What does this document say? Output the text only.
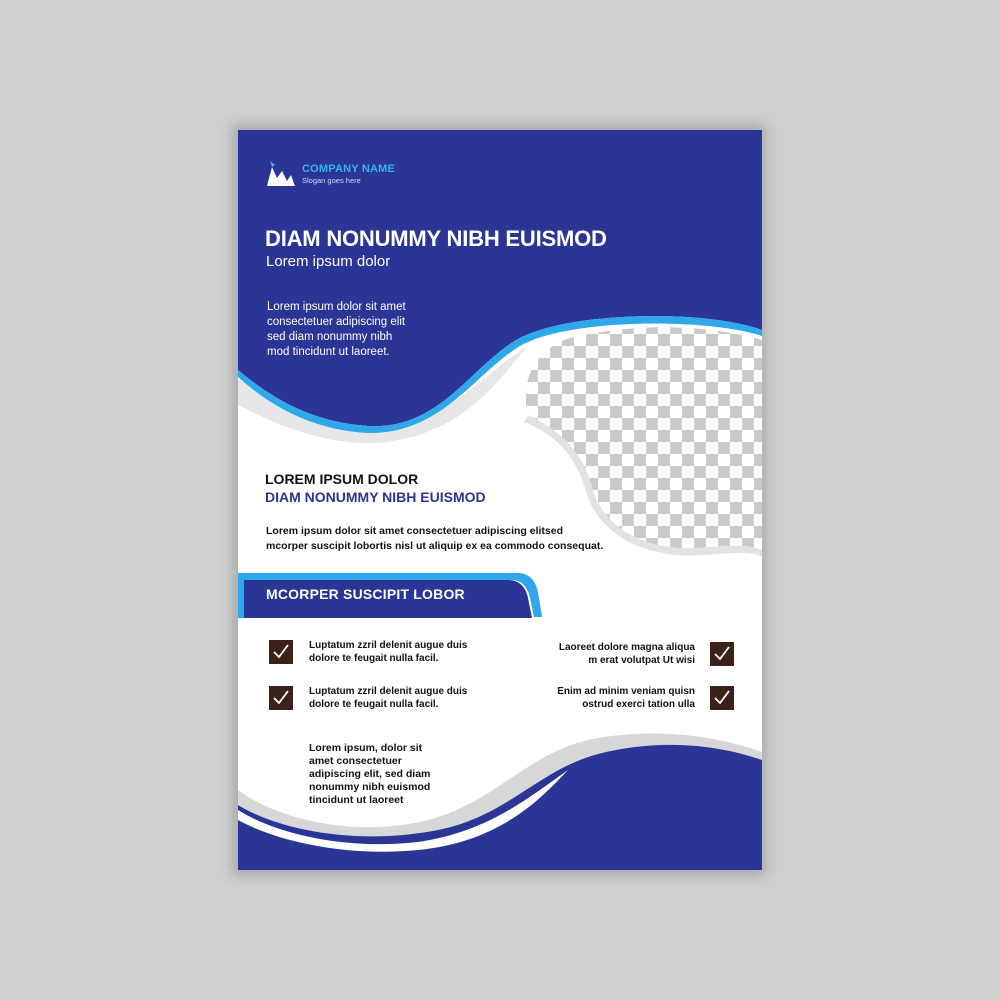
COMPANY NAME

Slogan goes here

DIAM NONUMMY NIBH EUISMOD

Lorem ipsum dolor

Lorem ipsum dolor sit amet
consectetuer adipiscing elit
sed diam nonummy nibh
mod tincidunt ut laoreet.

LOREM IPSUM DOLOR

DIAM NONUMMY NIBH EUISMOD

Lorem ipsum dolor sit amet consectetuer adipiscing elitsed
mcorper suscipit lobortis nisl ut aliquip ex ea commodo consequat.

MCORPER SUSCIPIT LOBOR

Luptatum zzril delenit augue duis
dolore te feugait nulla facil.
Luptatum zzril delenit augue duis
dolore te feugait nulla facil.
Laoreet dolore magna aliqua
m erat volutpat Ut wisi
Enim ad minim veniam quisn
ostrud exerci tation ulla
Lorem ipsum, dolor sit
amet consectetuer
adipiscing elit, sed diam
nonummy nibh euismod
tincidunt ut laoreet
